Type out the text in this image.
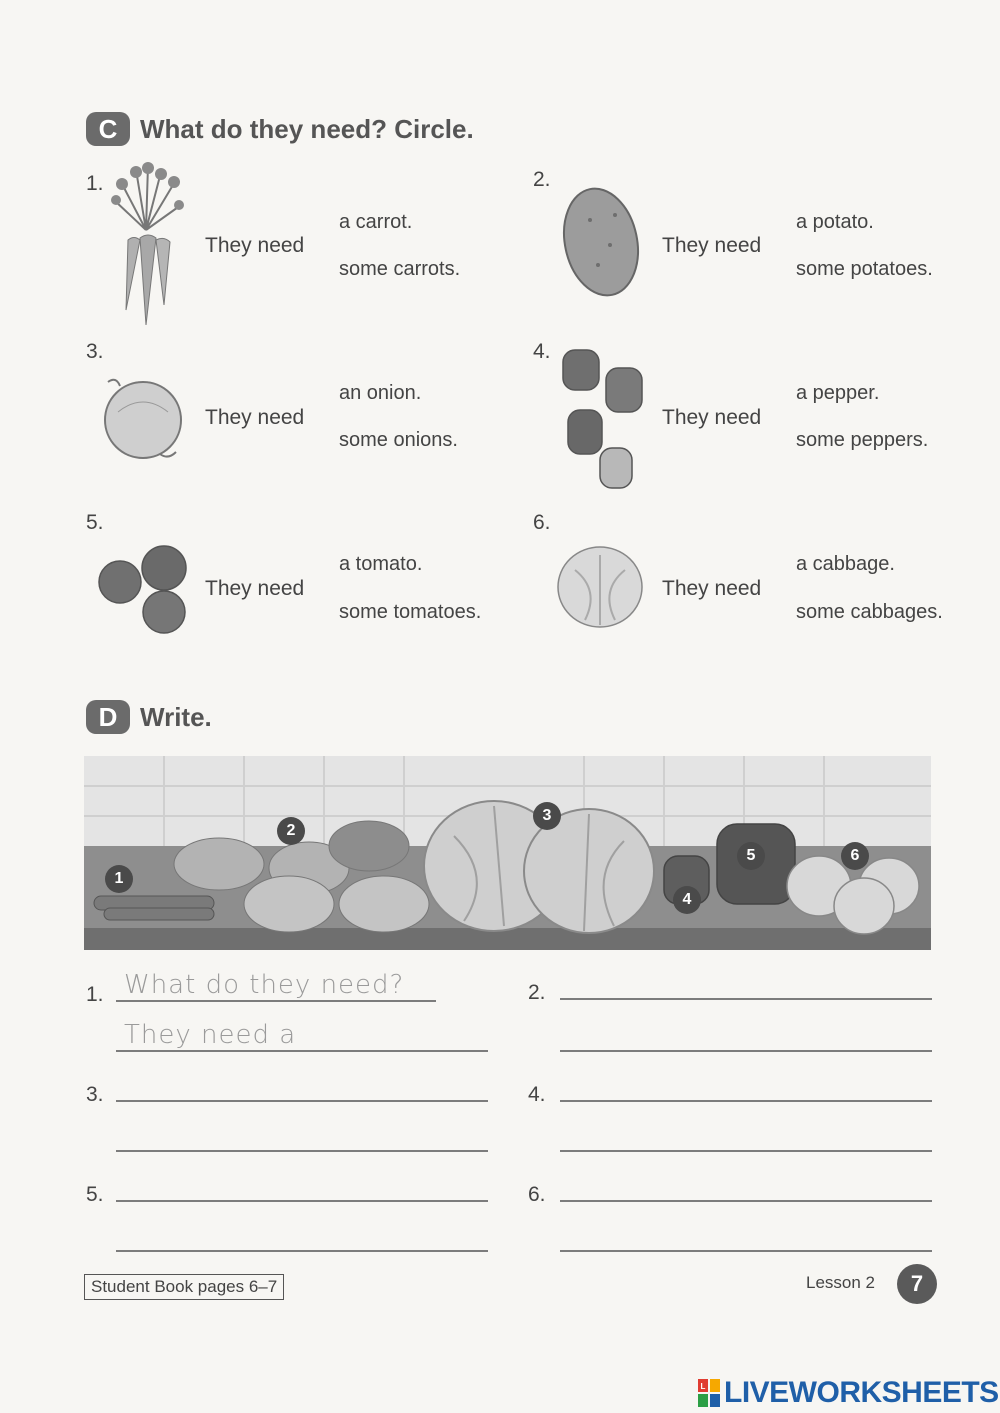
C What do they need? Circle.
1.
They need
a carrot.
some carrots.
2.
They need
a potato.
some potatoes.
3.
They need
an onion.
some onions.
4.
They need
a pepper.
some peppers.
5.
They need
a tomato.
some tomatoes.
6.
They need
a cabbage.
some cabbages.
D Write.
1
2
3
4
5	6
1. What do they need?
They need a
2.
3.	4.
5.	6.
Student Book pages 6–7	Lesson 2	7
L LIVEWORKSHEETS
